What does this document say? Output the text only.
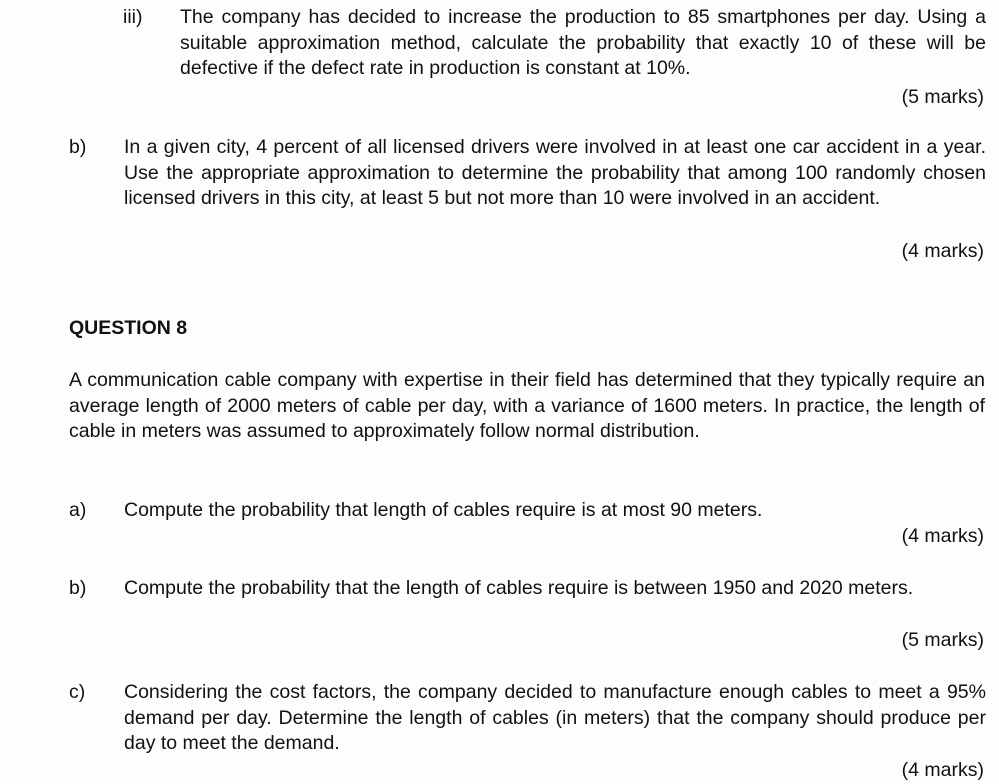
iii) The company has decided to increase the production to 85 smartphones per day. Using a suitable approximation method, calculate the probability that exactly 10 of these will be defective if the defect rate in production is constant at 10%.
(5 marks)
b) In a given city, 4 percent of all licensed drivers were involved in at least one car accident in a year. Use the appropriate approximation to determine the probability that among 100 randomly chosen licensed drivers in this city, at least 5 but not more than 10 were involved in an accident.
(4 marks)
QUESTION 8
A communication cable company with expertise in their field has determined that they typically require an average length of 2000 meters of cable per day, with a variance of 1600 meters. In practice, the length of cable in meters was assumed to approximately follow normal distribution.
a) Compute the probability that length of cables require is at most 90 meters.
(4 marks)
b) Compute the probability that the length of cables require is between 1950 and 2020 meters.
(5 marks)
c) Considering the cost factors, the company decided to manufacture enough cables to meet a 95% demand per day. Determine the length of cables (in meters) that the company should produce per day to meet the demand.
(4 marks)
